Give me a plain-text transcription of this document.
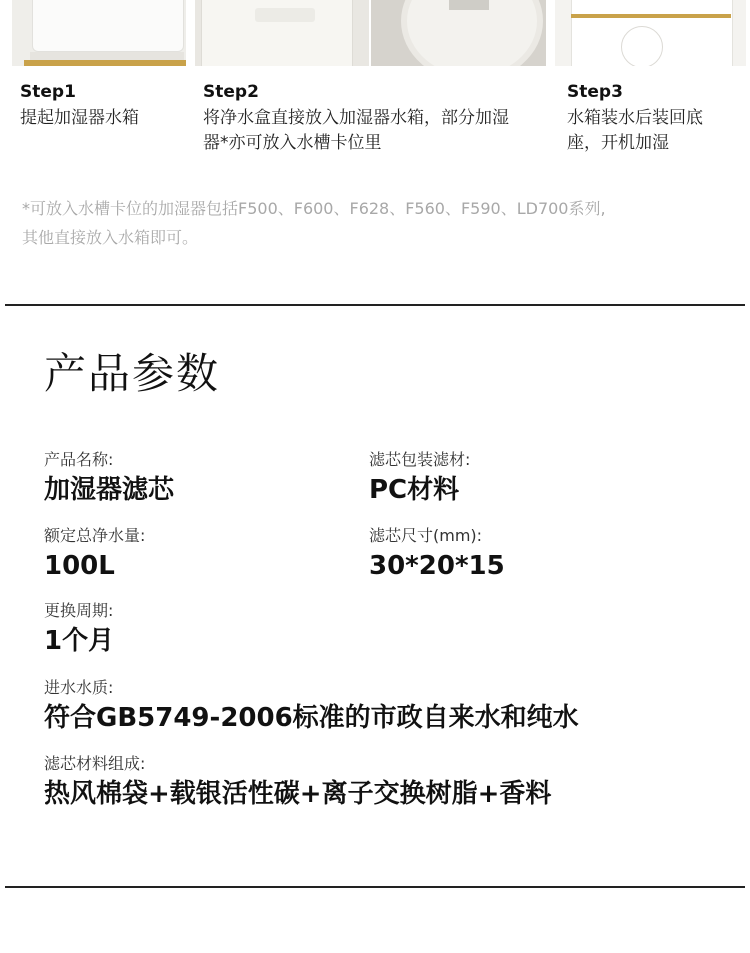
Step1
提起加湿器水箱
Step2
将净水盒直接放入加湿器水箱，部分加湿
器*亦可放入水槽卡位里
Step3
水箱装水后装回底
座，开机加湿
*可放入水槽卡位的加湿器包括F500、F600、F628、F560、F590、LD700系列,
其他直接放入水箱即可。
产品参数
产品名称:
加湿器滤芯
滤芯包装滤材:
PC材料
额定总净水量:
100L
滤芯尺寸(mm):
30*20*15
更换周期:
1个月
进水水质:
符合GB5749-2006标准的市政自来水和纯水
滤芯材料组成:
热风棉袋+载银活性碳+离子交换树脂+香料
